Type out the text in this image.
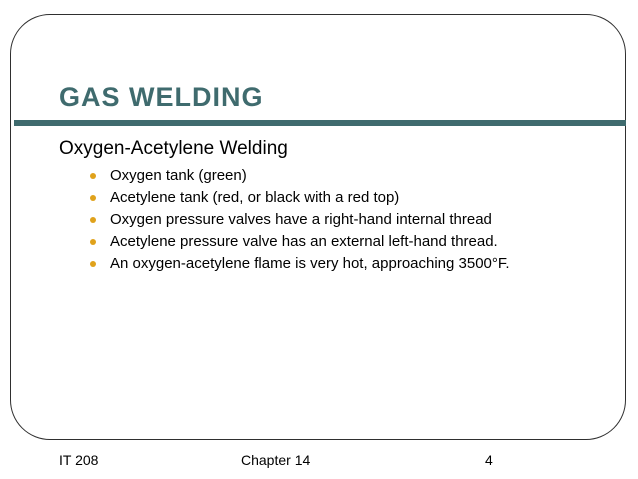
GAS WELDING
Oxygen-Acetylene Welding
Oxygen tank (green)
Acetylene tank (red, or black with a red top)
Oxygen pressure valves have a right-hand internal thread
Acetylene pressure valve has an external left-hand thread.
An oxygen-acetylene flame is very hot, approaching 3500°F.
IT 208	Chapter 14	4
